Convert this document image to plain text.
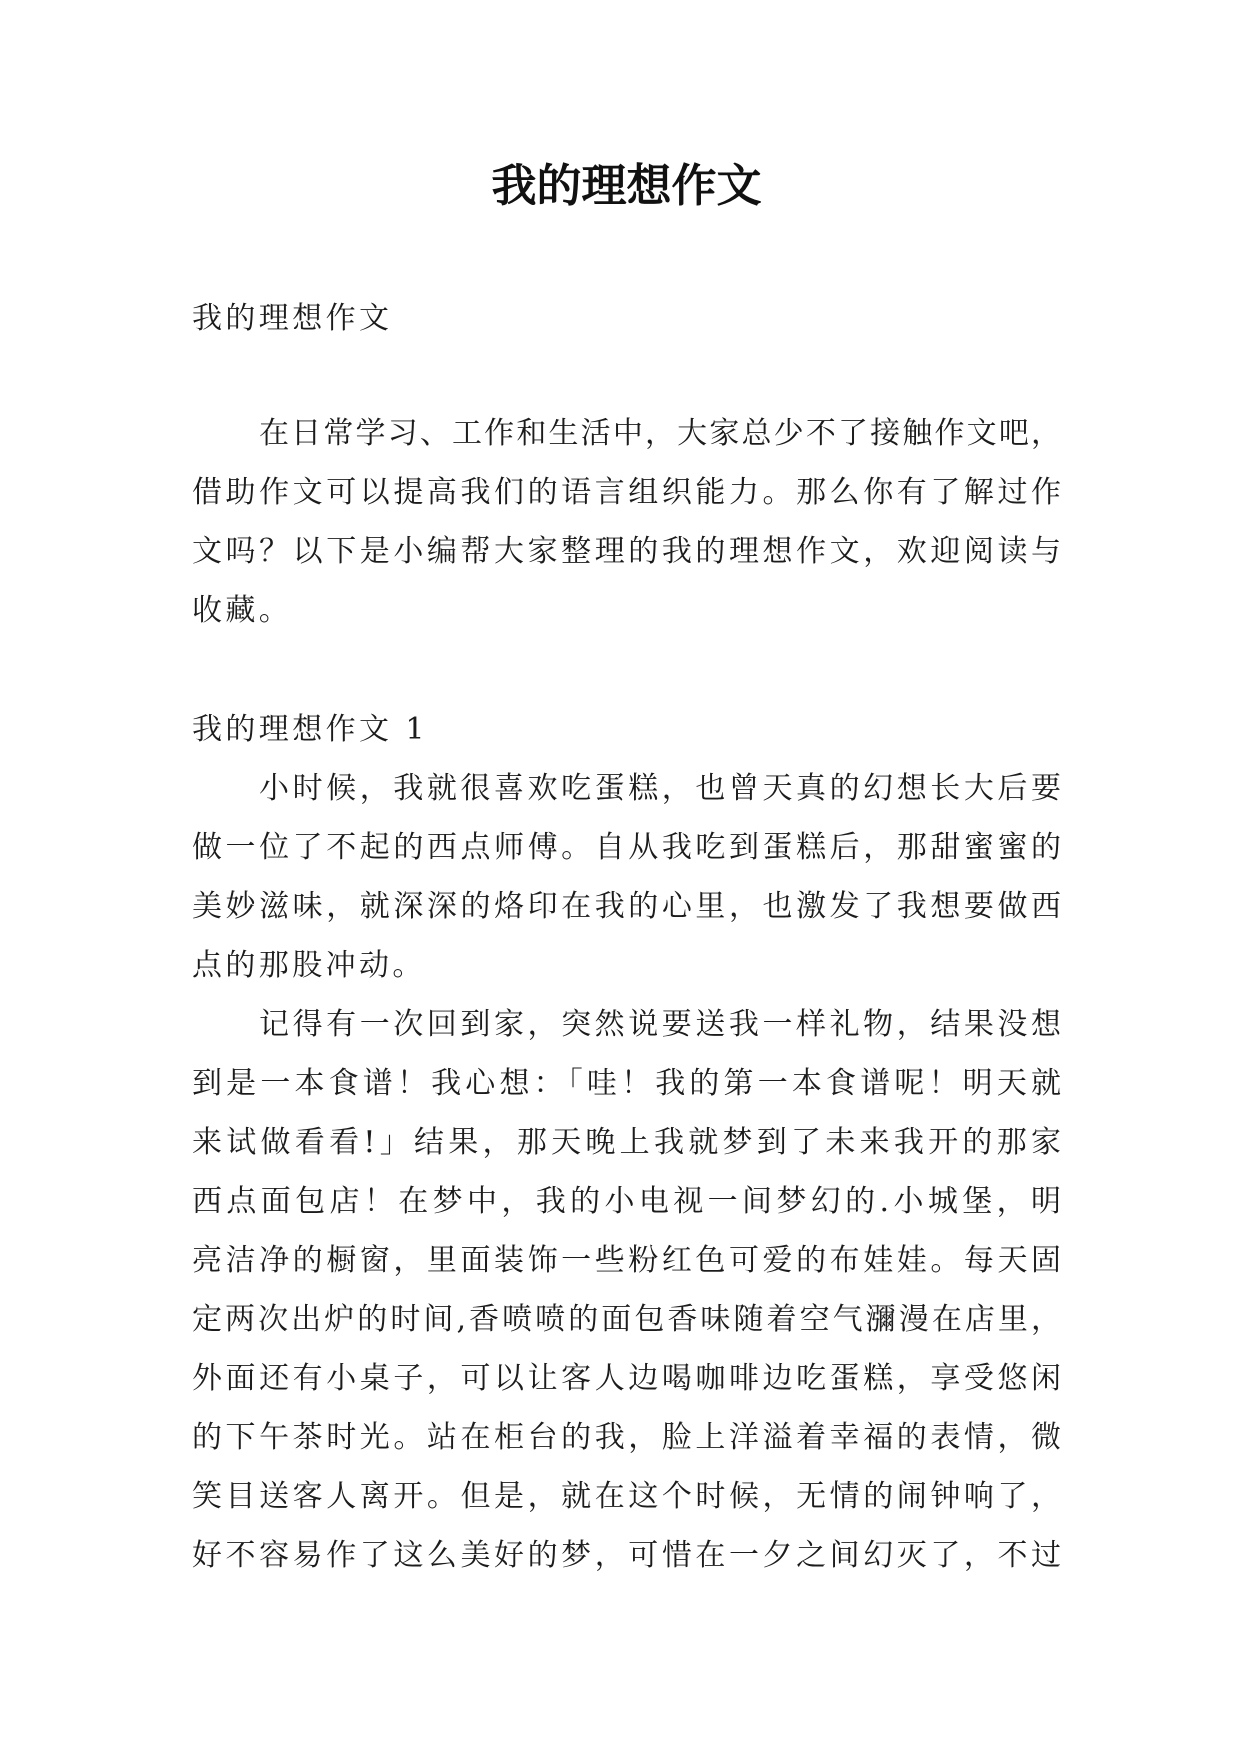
我的理想作文
我的理想作文
在日常学习、工作和生活中，大家总少不了接触作文吧，
借助作文可以提高我们的语言组织能力。那么你有了解过作
文吗？以下是小编帮大家整理的我的理想作文，欢迎阅读与
收藏。
我的理想作文 1
小时候，我就很喜欢吃蛋糕，也曾天真的幻想长大后要
做一位了不起的西点师傅。自从我吃到蛋糕后，那甜蜜蜜的
美妙滋味，就深深的烙印在我的心里，也激发了我想要做西
点的那股冲动。
记得有一次回到家，突然说要送我一样礼物，结果没想
到是一本食谱！我心想：「哇！我的第一本食谱呢！明天就
来试做看看!」结果，那天晚上我就梦到了未来我开的那家
西点面包店！在梦中，我的小电视一间梦幻的.小城堡，明
亮洁净的橱窗，里面装饰一些粉红色可爱的布娃娃。每天固
定两次出炉的时间,香喷喷的面包香味随着空气瀰漫在店里，
外面还有小桌子，可以让客人边喝咖啡边吃蛋糕，享受悠闲
的下午茶时光。站在柜台的我，脸上洋溢着幸福的表情，微
笑目送客人离开。但是，就在这个时候，无情的闹钟响了，
好不容易作了这么美好的梦，可惜在一夕之间幻灭了，不过
